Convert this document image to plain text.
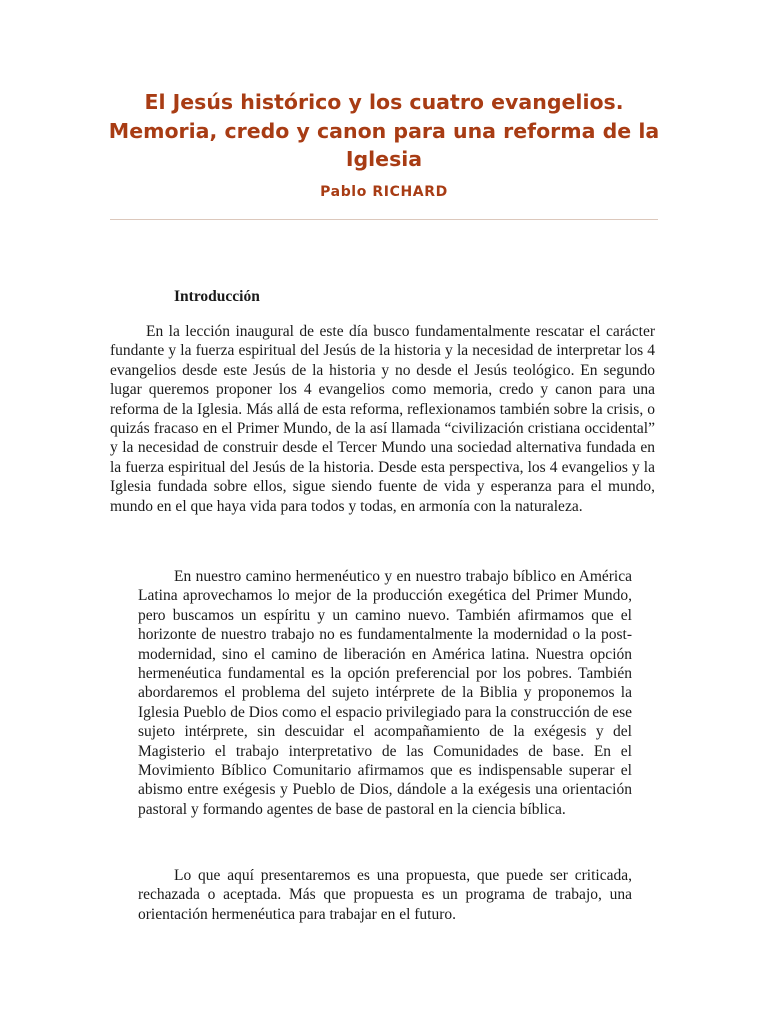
El Jesús histórico y los cuatro evangelios. Memoria, credo y canon para una reforma de la Iglesia
Pablo RICHARD
Introducción

En la lección inaugural de este día busco fundamentalmente rescatar el carácter fundante y la fuerza espiritual del Jesús de la historia y la necesidad de interpretar los 4 evangelios desde este Jesús de la historia y no desde el Jesús teológico. En segundo lugar queremos proponer los 4 evangelios como memoria, credo y canon para una reforma de la Iglesia. Más allá de esta reforma, reflexionamos también sobre la crisis, o quizás fracaso en el Primer Mundo, de la así llamada “civilización cristiana occidental” y la necesidad de construir desde el Tercer Mundo una sociedad alternativa fundada en la fuerza espiritual del Jesús de la historia. Desde esta perspectiva, los 4 evangelios y la Iglesia fundada sobre ellos, sigue siendo fuente de vida y esperanza para el mundo, mundo en el que haya vida para todos y todas, en armonía con la naturaleza.

En nuestro camino hermenéutico y en nuestro trabajo bíblico en América Latina aprovechamos lo mejor de la producción exegética del Primer Mundo, pero buscamos un espíritu y un camino nuevo. También afirmamos que el horizonte de nuestro trabajo no es fundamentalmente la modernidad o la post-modernidad, sino el camino de liberación en América latina. Nuestra opción hermenéutica fundamental es la opción preferencial por los pobres. También abordaremos el problema del sujeto intérprete de la Biblia y proponemos la Iglesia Pueblo de Dios como el espacio privilegiado para la construcción de ese sujeto intérprete, sin descuidar el acompañamiento de la exégesis y del Magisterio el trabajo interpretativo de las Comunidades de base. En el Movimiento Bíblico Comunitario afirmamos que es indispensable superar el abismo entre exégesis y Pueblo de Dios, dándole a la exégesis una orientación pastoral y formando agentes de base de pastoral en la ciencia bíblica.

Lo que aquí presentaremos es una propuesta, que puede ser criticada, rechazada o aceptada. Más que propuesta es un programa de trabajo, una orientación hermenéutica para trabajar en el futuro.
